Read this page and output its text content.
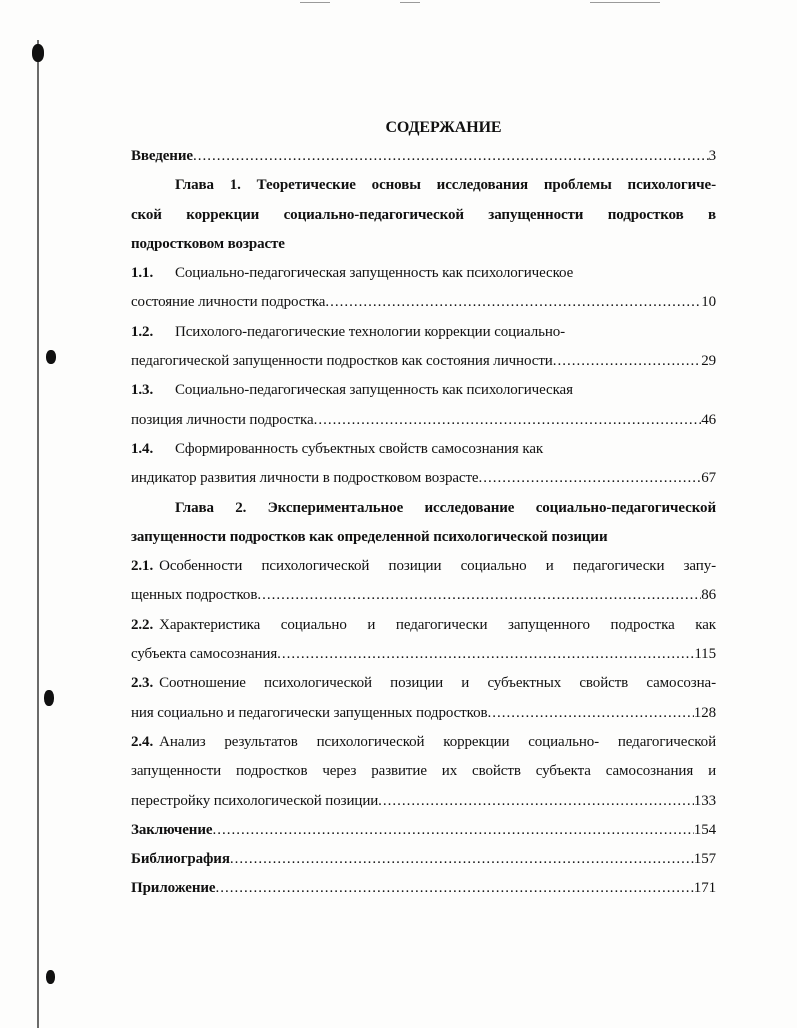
СОДЕРЖАНИЕ
Введение .....	3
Глава 1. Теоретические основы исследования проблемы психологиче-
ской коррекции социально-педагогической запущенности подростков в
подростковом возрасте
1.1. Социально-педагогическая запущенность как психологическое
состояние личности подростка .....	10
1.2. Психолого-педагогические технологии коррекции социально-
педагогической запущенности подростков как состояния личности .....	29
1.3. Социально-педагогическая запущенность как психологическая
позиция личности подростка .....	46
1.4. Сформированность субъектных свойств самосознания как
индикатор развития личности в подростковом возрасте .....	67
Глава 2. Экспериментальное исследование социально-педагогической
запущенности подростков как определенной психологической позиции
2.1. Особенности психологической позиции социально и педагогически запу-
щенных подростков .....	86
2.2. Характеристика социально и педагогически запущенного подростка как
субъекта самосознания .....	115
2.3. Соотношение психологической позиции и субъектных свойств самосозна-
ния социально и педагогически запущенных подростков .....	128
2.4. Анализ результатов психологической коррекции социально- педагогической
запущенности подростков через развитие их свойств субъекта самосознания и
перестройку психологической позиции .....	133
Заключение .....	154
Библиография .....	157
Приложение .....	171
